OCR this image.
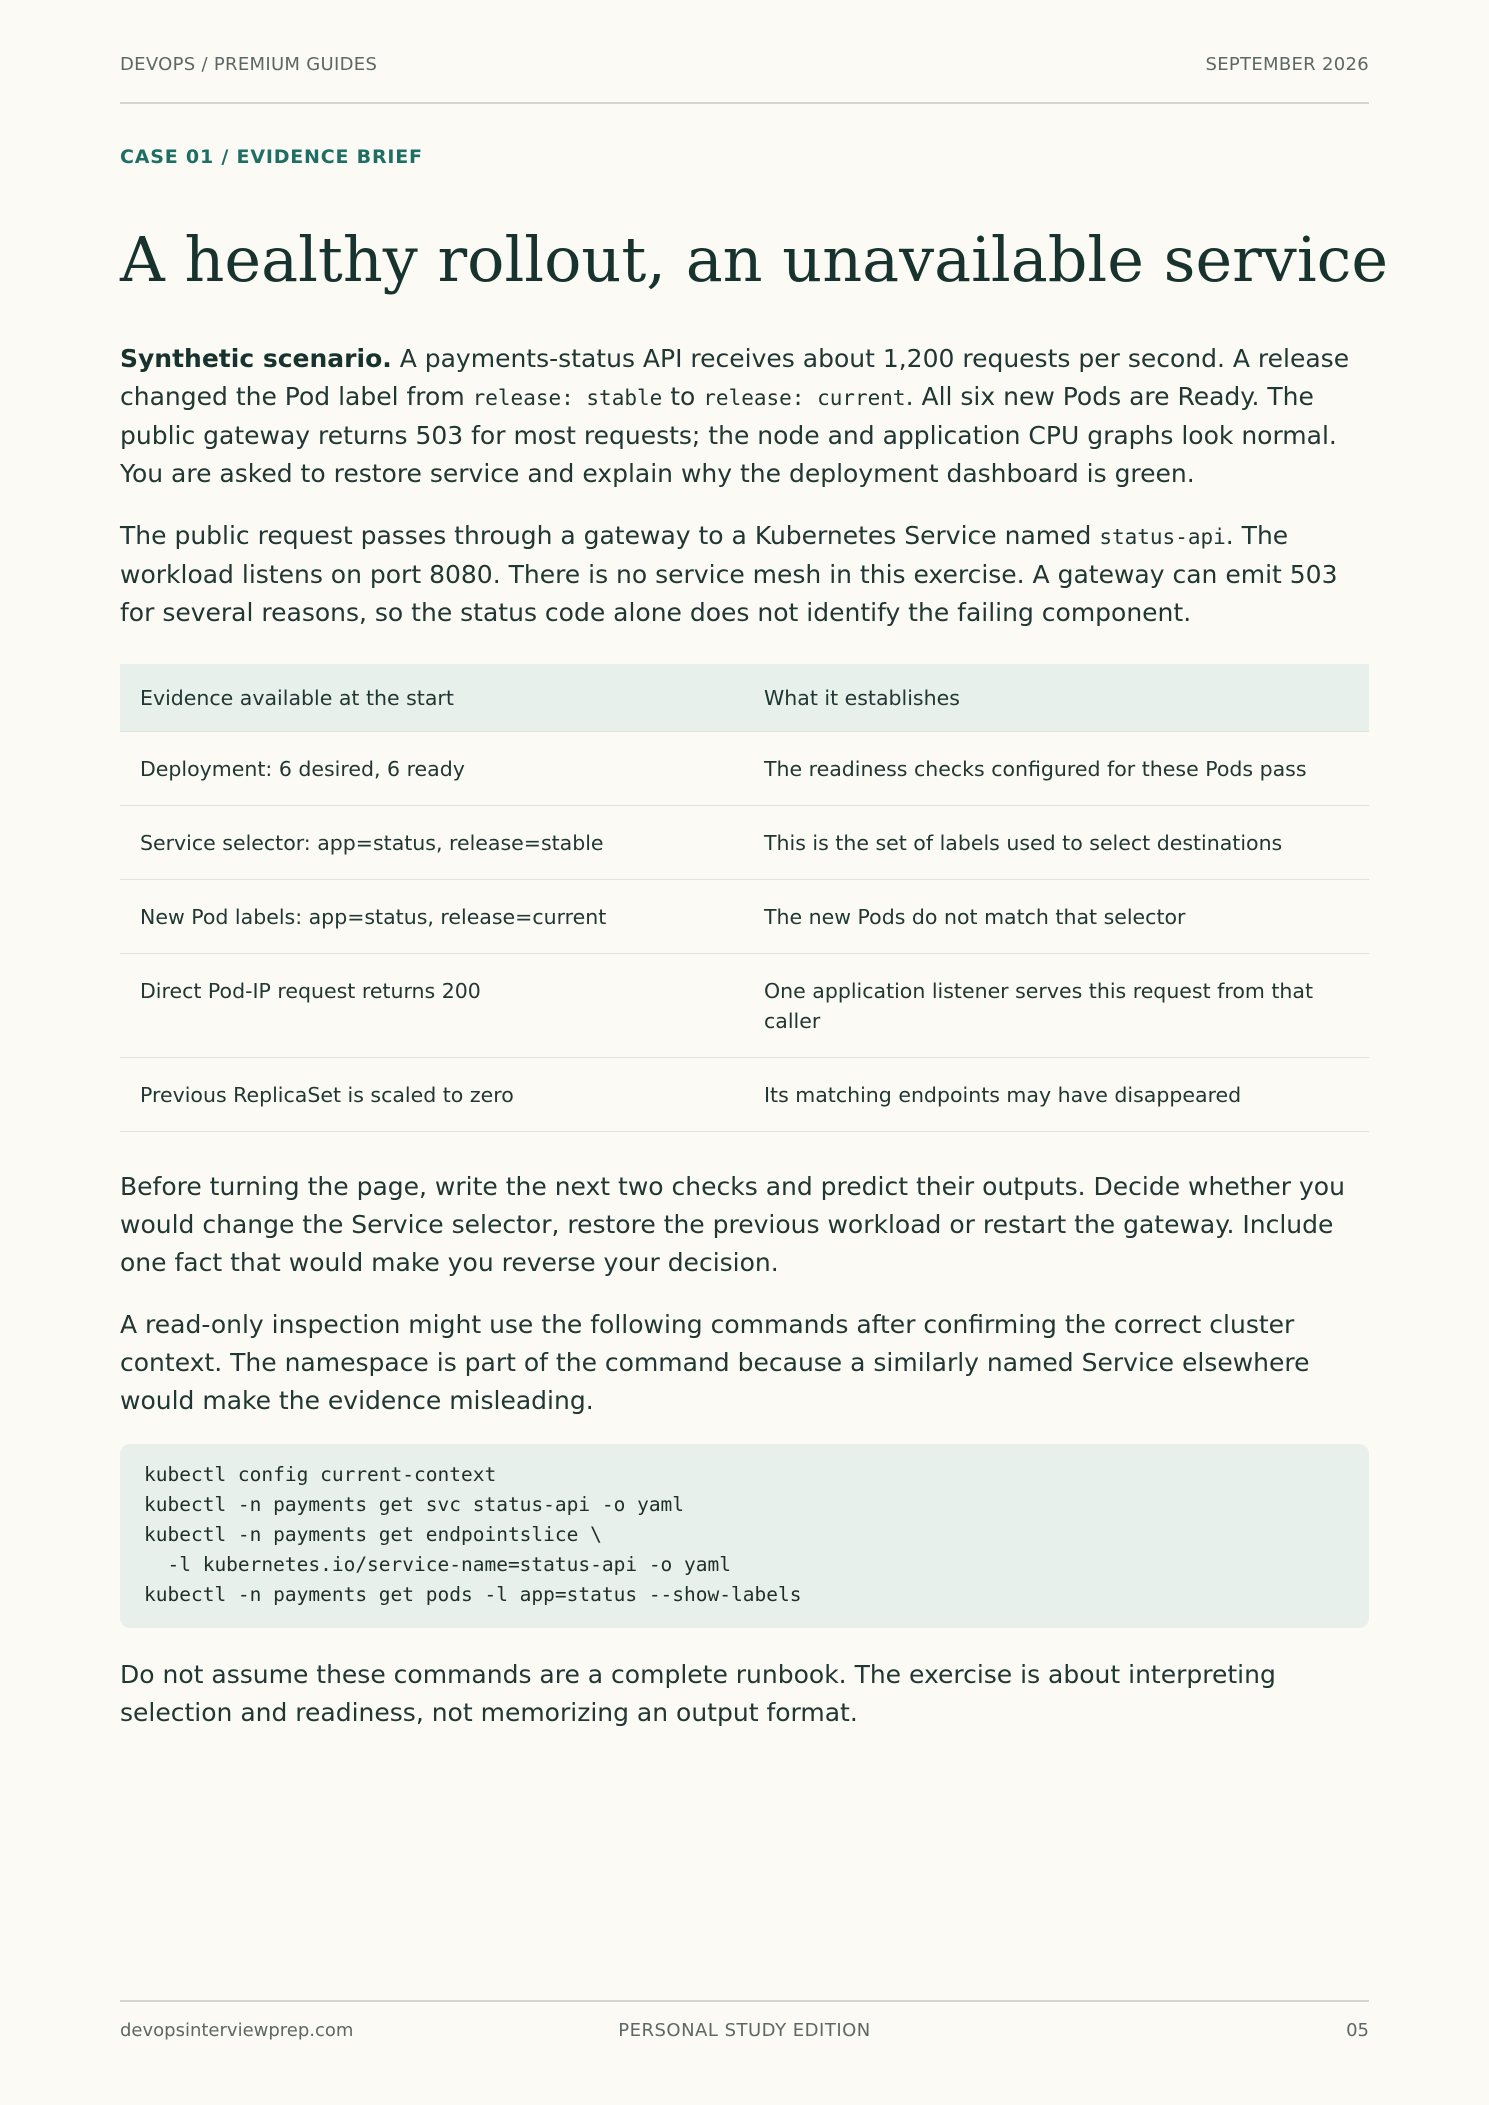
DEVOPS / PREMIUM GUIDES	SEPTEMBER 2026
CASE 01 / EVIDENCE BRIEF
A healthy rollout, an unavailable service

Synthetic scenario. A payments-status API receives about 1,200 requests per second. A release changed the Pod label from release: stable to release: current. All six new Pods are Ready. The public gateway returns 503 for most requests; the node and application CPU graphs look normal. You are asked to restore service and explain why the deployment dashboard is green.

The public request passes through a gateway to a Kubernetes Service named status-api. The workload listens on port 8080. There is no service mesh in this exercise. A gateway can emit 503 for several reasons, so the status code alone does not identify the failing component.

Evidence available at the start	What it establishes
Deployment: 6 desired, 6 ready	The readiness checks configured for these Pods pass
Service selector: app=status, release=stable	This is the set of labels used to select destinations
New Pod labels: app=status, release=current	The new Pods do not match that selector
Direct Pod-IP request returns 200	One application listener serves this request from that caller
Previous ReplicaSet is scaled to zero	Its matching endpoints may have disappeared

Before turning the page, write the next two checks and predict their outputs. Decide whether you would change the Service selector, restore the previous workload or restart the gateway. Include one fact that would make you reverse your decision.

A read-only inspection might use the following commands after confirming the correct cluster context. The namespace is part of the command because a similarly named Service elsewhere would make the evidence misleading.

kubectl config current-context
kubectl -n payments get svc status-api -o yaml
kubectl -n payments get endpointslice \
-l kubernetes.io/service-name=status-api -o yaml
kubectl -n payments get pods -l app=status --show-labels

Do not assume these commands are a complete runbook. The exercise is about interpreting selection and readiness, not memorizing an output format.

devopsinterviewprep.com	PERSONAL STUDY EDITION	05
